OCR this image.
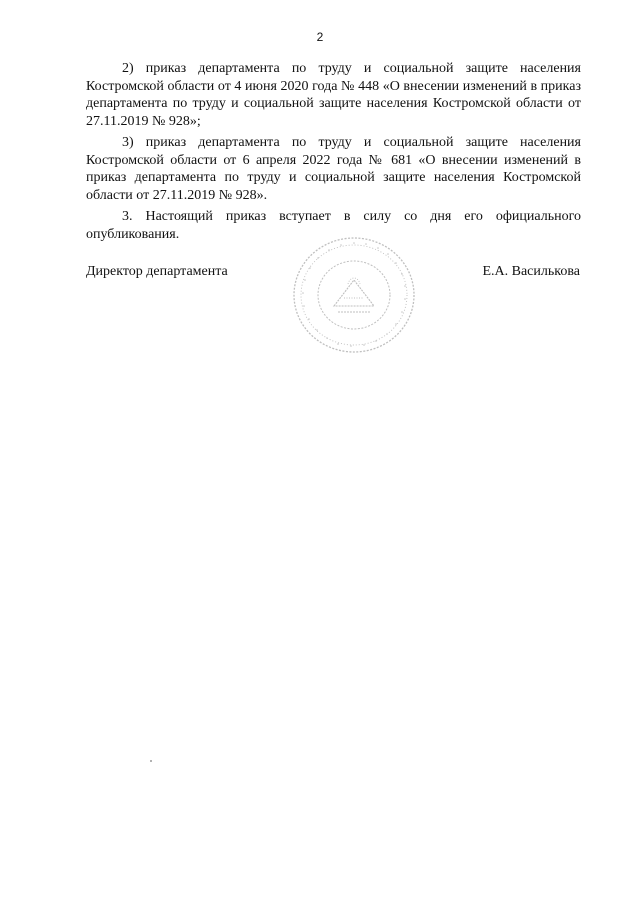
2

2) приказ департамента по труду и социальной защите населения Костромской области от 4 июня 2020 года № 448 «О внесении изменений в приказ департамента по труду и социальной защите населения Костромской области от 27.11.2019 № 928»;

3) приказ департамента по труду и социальной защите населения Костромской области от 6 апреля 2022 года № 681 «О внесении изменений в приказ департамента по труду и социальной защите населения Костромской области от 27.11.2019 № 928».

3. Настоящий приказ вступает в силу со дня его официального опубликования.

Директор департамента	Е.А. Василькова
